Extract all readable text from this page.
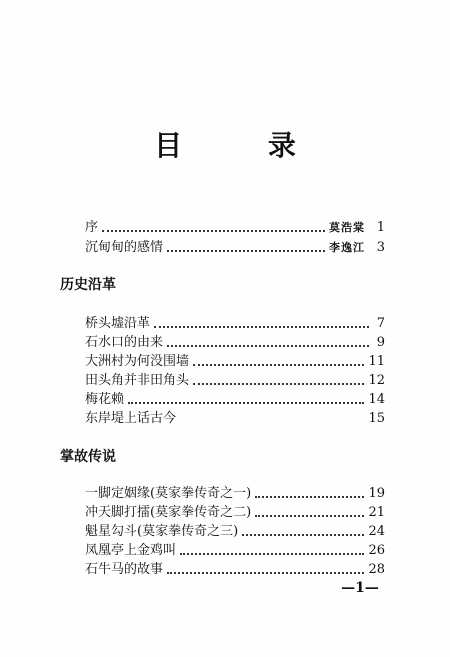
目 录
序	莫浩棠 1
沉甸甸的感情	李逸江 3
历史沿革
桥头墟沿革	7
石水口的由来	9
大洲村为何没围墙	11
田头角并非田角头	12
梅花赖	14
东岸堤上话古今	15
掌故传说
一脚定姻缘(莫家拳传奇之一)	19
冲天脚打擂(莫家拳传奇之二)	21
魁星勾斗(莫家拳传奇之三)	24
凤凰亭上金鸡叫	26
石牛马的故事	28
—1—
